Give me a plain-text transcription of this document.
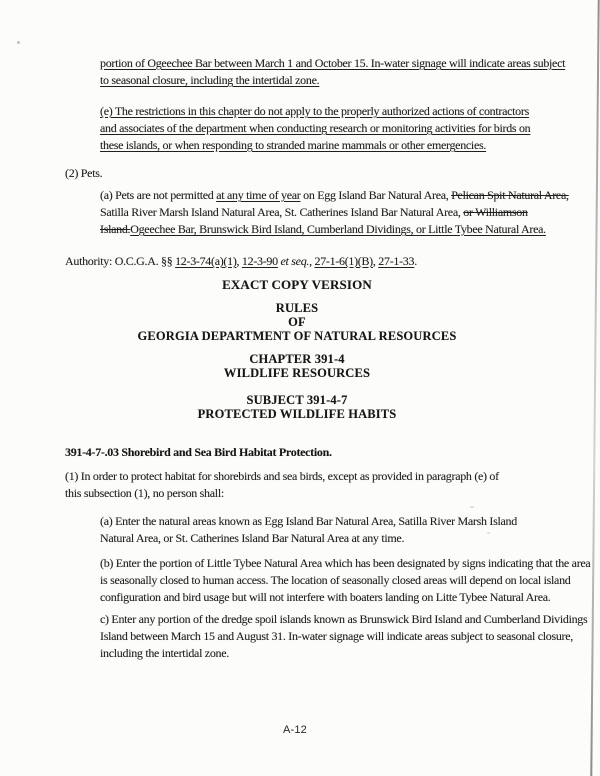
portion of Ogeechee Bar between March 1 and October 15. In-water signage will indicate areas subject to seasonal closure, including the intertidal zone.

(e) The restrictions in this chapter do not apply to the properly authorized actions of contractors and associates of the department when conducting research or monitoring activities for birds on these islands, or when responding to stranded marine mammals or other emergencies.

(2) Pets.

(a) Pets are not permitted at any time of year on Egg Island Bar Natural Area, Pelican Spit Natural Area, Satilla River Marsh Island Natural Area, St. Catherines Island Bar Natural Area, or Williamson Island.Ogeechee Bar, Brunswick Bird Island, Cumberland Dividings, or Little Tybee Natural Area.

Authority: O.C.G.A. §§ 12-3-74(a)(1), 12-3-90 et seq., 27-1-6(1)(B), 27-1-33.

EXACT COPY VERSION
RULES
OF
GEORGIA DEPARTMENT OF NATURAL RESOURCES
CHAPTER 391-4
WILDLIFE RESOURCES
SUBJECT 391-4-7
PROTECTED WILDLIFE HABITS

391-4-7-.03 Shorebird and Sea Bird Habitat Protection.

(1) In order to protect habitat for shorebirds and sea birds, except as provided in paragraph (e) of this subsection (1), no person shall:

(a) Enter the natural areas known as Egg Island Bar Natural Area, Satilla River Marsh Island Natural Area, or St. Catherines Island Bar Natural Area at any time.

(b) Enter the portion of Little Tybee Natural Area which has been designated by signs indicating that the area is seasonally closed to human access. The location of seasonally closed areas will depend on local island configuration and bird usage but will not interfere with boaters landing on Litte Tybee Natural Area.

c) Enter any portion of the dredge spoil islands known as Brunswick Bird Island and Cumberland Dividings Island between March 15 and August 31. In-water signage will indicate areas subject to seasonal closure, including the intertidal zone.

A-12
